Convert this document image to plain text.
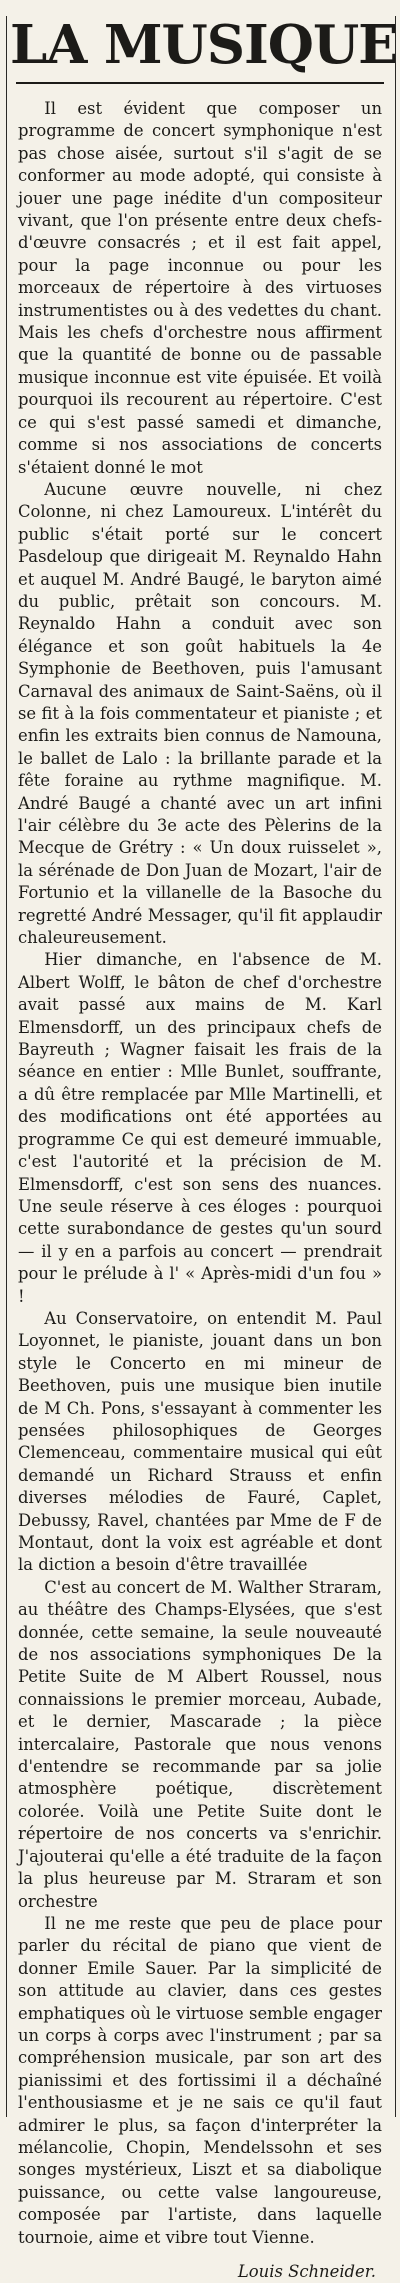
LA MUSIQUE

Il est évident que composer un programme de concert symphonique n'est pas chose aisée, surtout s'il s'agit de se conformer au mode adopté, qui consiste à jouer une page inédite d'un compositeur vivant, que l'on présente entre deux chefs-d'œuvre consacrés ; et il est fait appel, pour la page inconnue ou pour les morceaux de répertoire à des virtuoses instrumentistes ou à des vedettes du chant. Mais les chefs d'orchestre nous affirment que la quantité de bonne ou de passable musique inconnue est vite épuisée. Et voilà pourquoi ils recourent au répertoire. C'est ce qui s'est passé samedi et dimanche, comme si nos associations de concerts s'étaient donné le mot

Aucune œuvre nouvelle, ni chez Colonne, ni chez Lamoureux. L'intérêt du public s'était porté sur le concert Pasdeloup que dirigeait M. Reynaldo Hahn et auquel M. André Baugé, le baryton aimé du public, prêtait son concours. M. Reynaldo Hahn a conduit avec son élégance et son goût habituels la 4e Symphonie de Beethoven, puis l'amusant Carnaval des animaux de Saint-Saëns, où il se fit à la fois commentateur et pianiste ; et enfin les extraits bien connus de Namouna, le ballet de Lalo : la brillante parade et la fête foraine au rythme magnifique. M. André Baugé a chanté avec un art infini l'air célèbre du 3e acte des Pèlerins de la Mecque de Grétry : « Un doux ruisselet », la sérénade de Don Juan de Mozart, l'air de Fortunio et la villanelle de la Basoche du regretté André Messager, qu'il fit applaudir chaleureusement.

Hier dimanche, en l'absence de M. Albert Wolff, le bâton de chef d'orchestre avait passé aux mains de M. Karl Elmensdorff, un des principaux chefs de Bayreuth ; Wagner faisait les frais de la séance en entier : Mlle Bunlet, souffrante, a dû être remplacée par Mlle Martinelli, et des modifications ont été apportées au programme Ce qui est demeuré immuable, c'est l'autorité et la précision de M. Elmensdorff, c'est son sens des nuances. Une seule réserve à ces éloges : pourquoi cette surabondance de gestes qu'un sourd — il y en a parfois au concert — prendrait pour le prélude à l' « Après-midi d'un fou » !

Au Conservatoire, on entendit M. Paul Loyonnet, le pianiste, jouant dans un bon style le Concerto en mi mineur de Beethoven, puis une musique bien inutile de M Ch. Pons, s'essayant à commenter les pensées philosophiques de Georges Clemenceau, commentaire musical qui eût demandé un Richard Strauss et enfin diverses mélodies de Fauré, Caplet, Debussy, Ravel, chantées par Mme de F de Montaut, dont la voix est agréable et dont la diction a besoin d'être travaillée

C'est au concert de M. Walther Straram, au théâtre des Champs-Elysées, que s'est donnée, cette semaine, la seule nouveauté de nos associations symphoniques De la Petite Suite de M Albert Roussel, nous connaissions le premier morceau, Aubade, et le dernier, Mascarade ; la pièce intercalaire, Pastorale que nous venons d'entendre se recommande par sa jolie atmosphère poétique, discrètement colorée. Voilà une Petite Suite dont le répertoire de nos concerts va s'enrichir. J'ajouterai qu'elle a été traduite de la façon la plus heureuse par M. Straram et son orchestre

Il ne me reste que peu de place pour parler du récital de piano que vient de donner Emile Sauer. Par la simplicité de son attitude au clavier, dans ces gestes emphatiques où le virtuose semble engager un corps à corps avec l'instrument ; par sa compréhension musicale, par son art des pianissimi et des fortissimi il a déchaîné l'enthousiasme et je ne sais ce qu'il faut admirer le plus, sa façon d'interpréter la mélancolie, Chopin, Mendelssohn et ses songes mystérieux, Liszt et sa diabolique puissance, ou cette valse langoureuse, composée par l'artiste, dans laquelle tournoie, aime et vibre tout Vienne.

Louis Schneider.
